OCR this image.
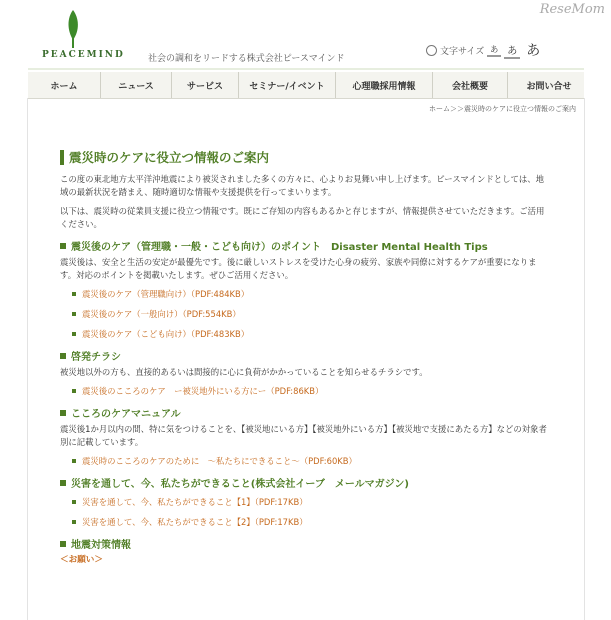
PEACEMIND	社会の調和をリードする株式会社ピースマインド
ReseMom
文字サイズ あ あ あ
ホーム	ニュース	サービス	セミナー/イベント	心理職採用情報	会社概要	お問い合せ
ホーム＞＞震災時のケアに役立つ情報のご案内
震災時のケアに役立つ情報のご案内

この度の東北地方太平洋沖地震により被災されました多くの方々に、心よりお見舞い申し上げます。ピースマインドとしては、地域の最新状況を踏まえ、随時適切な情報や支援提供を行ってまいります。

以下は、震災時の従業員支援に役立つ情報です。既にご存知の内容もあるかと存じますが、情報提供させていただきます。ご活用ください。

震災後のケア（管理職・一般・こども向け）のポイント　Disaster Mental Health Tips

震災後は、安全と生活の安定が最優先です。後に厳しいストレスを受けた心身の疲労、家族や同僚に対するケアが重要になります。対応のポイントを掲載いたします。ぜひご活用ください。

震災後のケア（管理職向け）（PDF:484KB）
震災後のケア（一般向け）（PDF:554KB）
震災後のケア（こども向け）（PDF:483KB）
啓発チラシ

被災地以外の方も、直接的あるいは間接的に心に負荷がかかっていることを知らせるチラシです。

震災後のこころのケア　ー被災地外にいる方にー（PDF:86KB）
こころのケアマニュアル

震災後1か月以内の間、特に気をつけることを、【被災地にいる方】【被災地外にいる方】【被災地で支援にあたる方】などの対象者別に記載しています。

震災時のこころのケアのために　〜私たちにできること〜（PDF:60KB）
災害を通して、今、私たちができること(株式会社イーブ　メールマガジン)
災害を通して、今、私たちができること【1】（PDF:17KB）
災害を通して、今、私たちができること【2】（PDF:17KB）
地震対策情報
＜お願い＞
